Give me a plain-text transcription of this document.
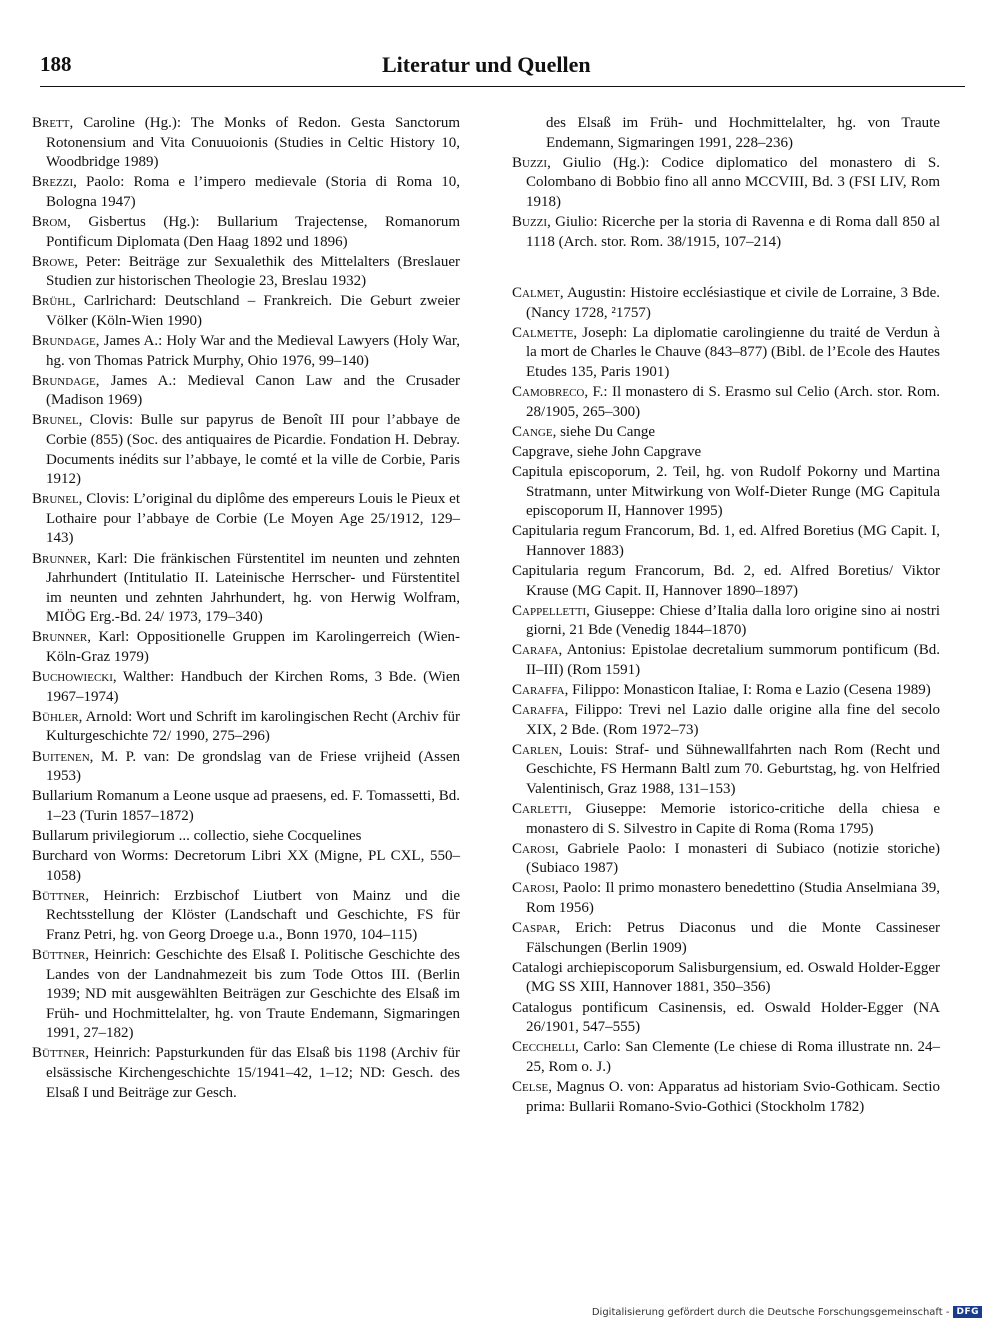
188	Literatur und Quellen

Brett, Caroline (Hg.): The Monks of Redon. Gesta Sanctorum Rotonensium and Vita Conuuoionis (Studies in Celtic History 10, Woodbridge 1989)

Brezzi, Paolo: Roma e l’impero medievale (Storia di Roma 10, Bologna 1947)

Brom, Gisbertus (Hg.): Bullarium Trajectense, Romanorum Pontificum Diplomata (Den Haag 1892 und 1896)

Browe, Peter: Beiträge zur Sexualethik des Mittelalters (Breslauer Studien zur historischen Theologie 23, Breslau 1932)

Brühl, Carlrichard: Deutschland – Frankreich. Die Geburt zweier Völker (Köln-Wien 1990)

Brundage, James A.: Holy War and the Medieval Lawyers (Holy War, hg. von Thomas Patrick Murphy, Ohio 1976, 99–140)

Brundage, James A.: Medieval Canon Law and the Crusader (Madison 1969)

Brunel, Clovis: Bulle sur papyrus de Benoît III pour l’abbaye de Corbie (855) (Soc. des antiquaires de Picardie. Fondation H. Debray. Documents inédits sur l’abbaye, le comté et la ville de Corbie, Paris 1912)

Brunel, Clovis: L’original du diplôme des empereurs Louis le Pieux et Lothaire pour l’abbaye de Corbie (Le Moyen Age 25/1912, 129–143)

Brunner, Karl: Die fränkischen Fürstentitel im neunten und zehnten Jahrhundert (Intitulatio II. Lateinische Herrscher- und Fürstentitel im neunten und zehnten Jahrhundert, hg. von Herwig Wolfram, MIÖG Erg.-Bd. 24/ 1973, 179–340)

Brunner, Karl: Oppositionelle Gruppen im Karolingerreich (Wien-Köln-Graz 1979)

Buchowiecki, Walther: Handbuch der Kirchen Roms, 3 Bde. (Wien 1967–1974)

Bühler, Arnold: Wort und Schrift im karolingischen Recht (Archiv für Kulturgeschichte 72/ 1990, 275–296)

Buitenen, M. P. van: De grondslag van de Friese vrijheid (Assen 1953)

Bullarium Romanum a Leone usque ad praesens, ed. F. Tomassetti, Bd. 1–23 (Turin 1857–1872)

Bullarum privilegiorum ... collectio, siehe Cocquelines

Burchard von Worms: Decretorum Libri XX (Migne, PL CXL, 550–1058)

Büttner, Heinrich: Erzbischof Liutbert von Mainz und die Rechtsstellung der Klöster (Landschaft und Geschichte, FS für Franz Petri, hg. von Georg Droege u.a., Bonn 1970, 104–115)

Büttner, Heinrich: Geschichte des Elsaß I. Politische Geschichte des Landes von der Landnahmezeit bis zum Tode Ottos III. (Berlin 1939; ND mit ausgewählten Beiträgen zur Geschichte des Elsaß im Früh- und Hochmittelalter, hg. von Traute Endemann, Sigmaringen 1991, 27–182)

Büttner, Heinrich: Papsturkunden für das Elsaß bis 1198 (Archiv für elsässische Kirchengeschichte 15/1941–42, 1–12; ND: Gesch. des Elsaß I und Beiträge zur Gesch.

des Elsaß im Früh- und Hochmittelalter, hg. von Traute Endemann, Sigmaringen 1991, 228–236)

Buzzi, Giulio (Hg.): Codice diplomatico del monastero di S. Colombano di Bobbio fino all anno MCCVIII, Bd. 3 (FSI LIV, Rom 1918)

Buzzi, Giulio: Ricerche per la storia di Ravenna e di Roma dall 850 al 1118 (Arch. stor. Rom. 38/1915, 107–214)

Calmet, Augustin: Histoire ecclésiastique et civile de Lorraine, 3 Bde. (Nancy 1728, ²1757)

Calmette, Joseph: La diplomatie carolingienne du traité de Verdun à la mort de Charles le Chauve (843–877) (Bibl. de l’Ecole des Hautes Etudes 135, Paris 1901)

Camobreco, F.: Il monastero di S. Erasmo sul Celio (Arch. stor. Rom. 28/1905, 265–300)

Cange, siehe Du Cange

Capgrave, siehe John Capgrave

Capitula episcoporum, 2. Teil, hg. von Rudolf Pokorny und Martina Stratmann, unter Mitwirkung von Wolf-Dieter Runge (MG Capitula episcoporum II, Hannover 1995)

Capitularia regum Francorum, Bd. 1, ed. Alfred Boretius (MG Capit. I, Hannover 1883)

Capitularia regum Francorum, Bd. 2, ed. Alfred Boretius/ Viktor Krause (MG Capit. II, Hannover 1890–1897)

Cappelletti, Giuseppe: Chiese d’Italia dalla loro origine sino ai nostri giorni, 21 Bde (Venedig 1844–1870)

Carafa, Antonius: Epistolae decretalium summorum pontificum (Bd. II–III) (Rom 1591)

Caraffa, Filippo: Monasticon Italiae, I: Roma e Lazio (Cesena 1989)

Caraffa, Filippo: Trevi nel Lazio dalle origine alla fine del secolo XIX, 2 Bde. (Rom 1972–73)

Carlen, Louis: Straf- und Sühnewallfahrten nach Rom (Recht und Geschichte, FS Hermann Baltl zum 70. Geburtstag, hg. von Helfried Valentinisch, Graz 1988, 131–153)

Carletti, Giuseppe: Memorie istorico-critiche della chiesa e monastero di S. Silvestro in Capite di Roma (Roma 1795)

Carosi, Gabriele Paolo: I monasteri di Subiaco (notizie storiche) (Subiaco 1987)

Carosi, Paolo: Il primo monastero benedettino (Studia Anselmiana 39, Rom 1956)

Caspar, Erich: Petrus Diaconus und die Monte Cassineser Fälschungen (Berlin 1909)

Catalogi archiepiscoporum Salisburgensium, ed. Oswald Holder-Egger (MG SS XIII, Hannover 1881, 350–356)

Catalogus pontificum Casinensis, ed. Oswald Holder-Egger (NA 26/1901, 547–555)

Cecchelli, Carlo: San Clemente (Le chiese di Roma illustrate nn. 24–25, Rom o. J.)

Celse, Magnus O. von: Apparatus ad historiam Svio-Gothicam. Sectio prima: Bullarii Romano-Svio-Gothici (Stockholm 1782)

Digitalisierung gefördert durch die Deutsche Forschungsgemeinschaft - DFG
